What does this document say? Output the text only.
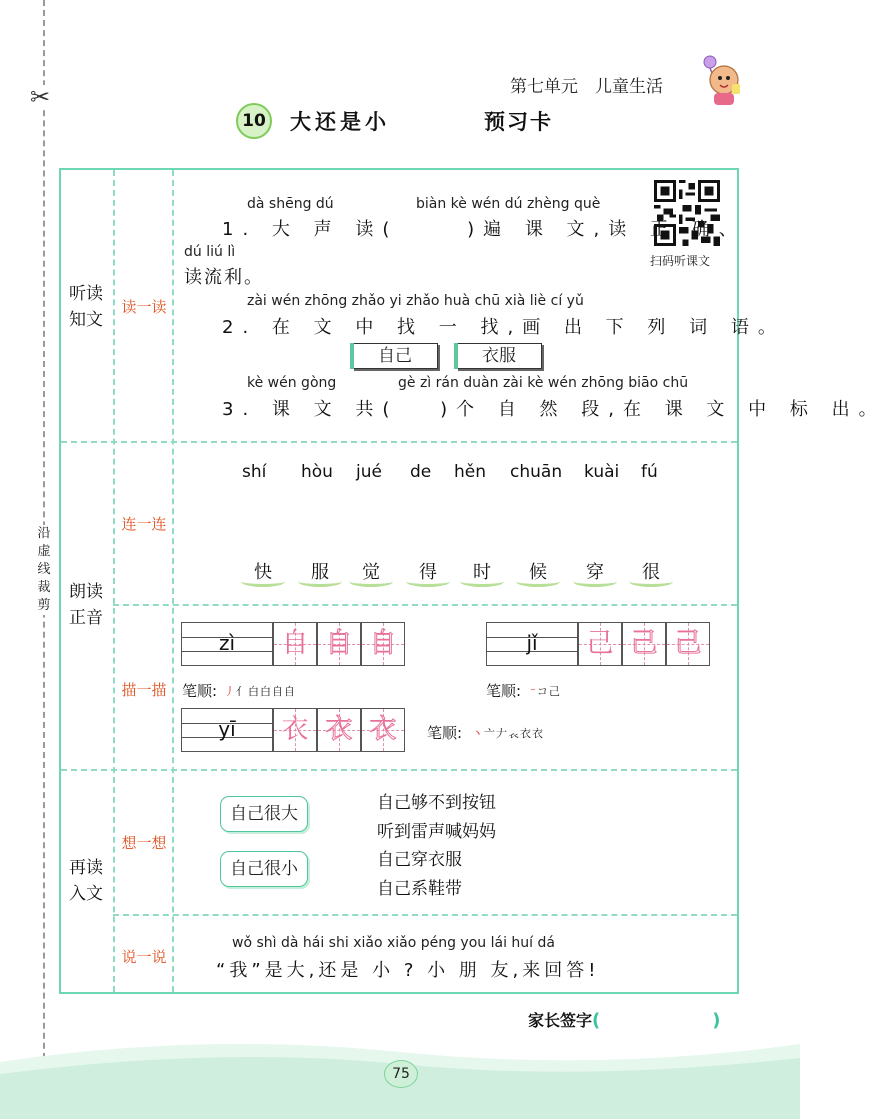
✂
沿虚线裁剪
第七单元　儿童生活
10 大还是小	预习卡
听读
知文
朗读
正音
再读
入文
读一读
连一连
描一描
想一想
说一说
扫码听课文
dà shēng dú	biàn kè wén dú zhèng què
1. 大 声 读(　　 )遍 课 文,读 正 确、
dú liú lì
读流利。
zài wén zhōng zhǎo yi zhǎo huà chū xià liè cí yǔ
2. 在 文 中 找 一 找,画 出 下 列 词 语。
自己	衣服
kè wén gòng	gè zì rán duàn zài kè wén zhōng biāo chū
3. 课 文 共(　 )个 自 然 段,在 课 文 中 标 出。
shí hòu jué de hěn chuān kuài fú
快	服	觉	得	时	候	穿	很
zì	自 自 自
笔顺: 丿亻白白自自
jǐ	己 己 己
笔顺: ⁻コ己
yī	衣 衣 衣	笔顺: 丶亠𠂇𧘇衣衣
自己很大
自己很小
自己够不到按钮
听到雷声喊妈妈
自己穿衣服
自己系鞋带
wǒ shì dà hái shi xiǎo xiǎo péng you lái huí dá
“我”是大,还是 小 ? 小 朋 友,来回答!
家长签字(	)
75
